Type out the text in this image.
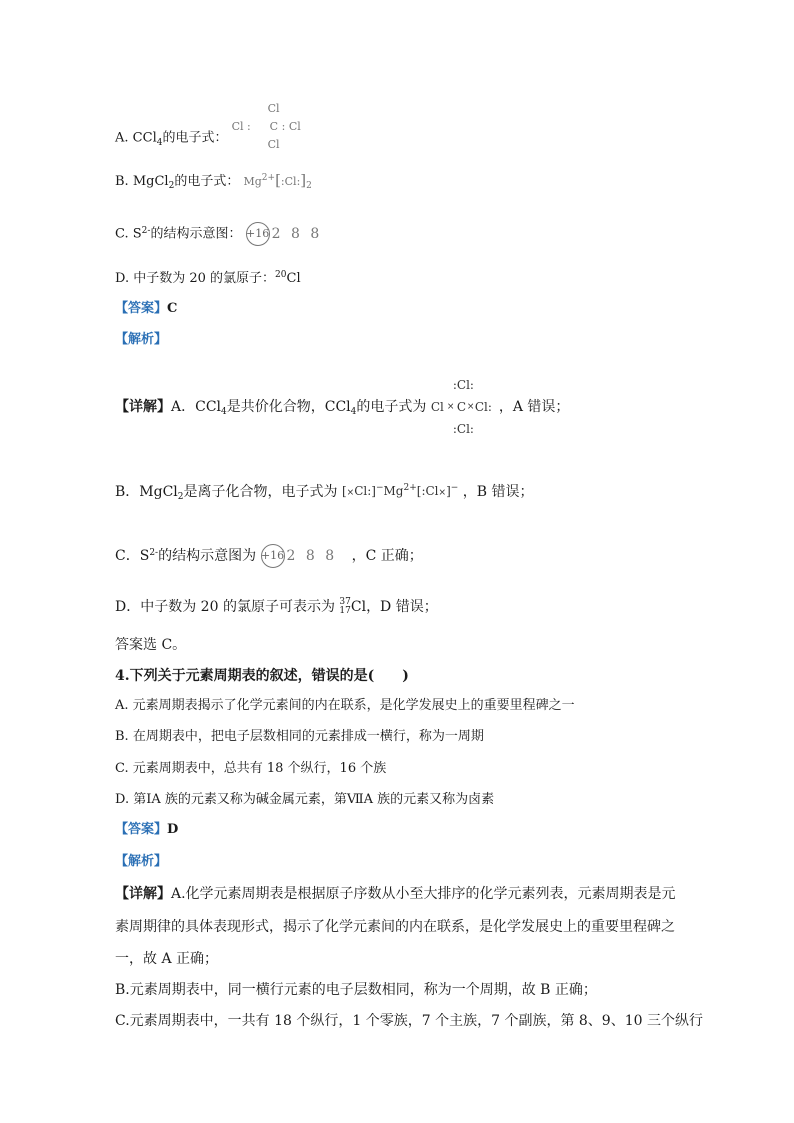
A. CCl$_4$的电子式：
Cl
Cl : C : Cl
Cl
B. MgCl$_2$的电子式： $Mg^{2+}[:Cl:]_2$
C. $S^{2-}$的结构示意图： +16 2 8 8
D. 中子数为 20 的氯原子：$^{20}$Cl
【答案】C
【解析】
【详解】A．CCl$_4$是共价化合物，CCl$_4$的电子式为
:Cl:
Cl × C × Cl:
:Cl:
，A 错误；
B．MgCl$_2$是离子化合物，电子式为 $[\times Cl:]^-Mg^{2+}[:Cl\times]^-$ ，B 错误；
C．$S^{2-}$的结构示意图为 +16 2 8 8 ，C 正确；
D．中子数为 20 的氯原子可表示为 37
17 Cl，D 错误；
答案选 C。
4.下列关于元素周期表的叙述，错误的是(　　)
A. 元素周期表揭示了化学元素间的内在联系，是化学发展史上的重要里程碑之一
B. 在周期表中，把电子层数相同的元素排成一横行，称为一周期
C. 元素周期表中，总共有 18 个纵行，16 个族
D. 第ⅠA 族的元素又称为碱金属元素，第ⅦA 族的元素又称为卤素
【答案】D
【解析】
【详解】A.化学元素周期表是根据原子序数从小至大排序的化学元素列表，元素周期表是元
素周期律的具体表现形式，揭示了化学元素间的内在联系，是化学发展史上的重要里程碑之
一，故 A 正确；
B.元素周期表中，同一横行元素的电子层数相同，称为一个周期，故 B 正确；
C.元素周期表中，一共有 18 个纵行，1 个零族，7 个主族，7 个副族，第 8、9、10 三个纵行
